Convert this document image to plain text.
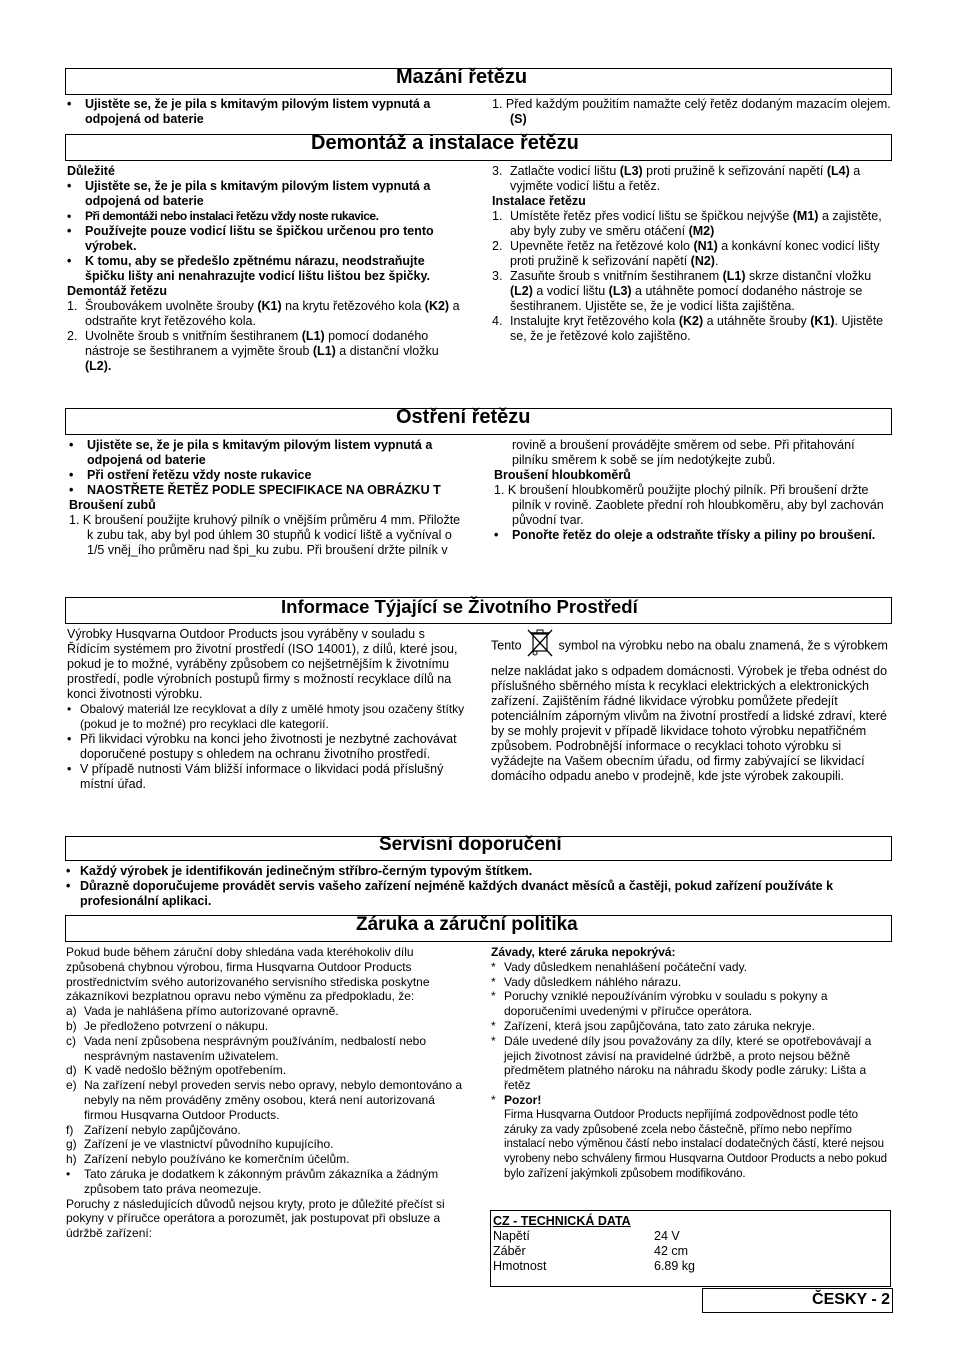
Mazání řetězu
• Ujistěte se, že je pila s kmitavým pilovým listem vypnutá a odpojená od baterie
1. Před každým použitím namažte celý řetěz dodaným mazacím olejem. (S)
Demontáž a instalace řetězu

Důležité

• Ujistěte se, že je pila s kmitavým pilovým listem vypnutá a odpojená od baterie
• Při demontáži nebo instalaci řetězu vždy noste rukavice.
• Používejte pouze vodicí lištu se špičkou určenou pro tento výrobek.
• K tomu, aby se předešlo zpětnému nárazu, neodstraňujte špičku lišty ani nenahrazujte vodicí lištu lištou bez špičky.

Demontáž řetězu

1. Šroubovákem uvolněte šrouby (K1) na krytu řetězového kola (K2) a odstraňte kryt řetězového kola.
2. Uvolněte šroub s vnitřním šestihranem (L1) pomocí dodaného nástroje se šestihranem a vyjměte šroub (L1) a distanční vložku (L2).
3. Zatlačte vodicí lištu (L3) proti pružině k seřizování napětí (L4) a vyjměte vodicí lištu a řetěz.

Instalace řetězu

1. Umístěte řetěz přes vodicí lištu se špičkou nejvýše (M1) a zajistěte, aby byly zuby ve směru otáčení (M2)
2. Upevněte řetěz na řetězové kolo (N1) a konkávní konec vodicí lišty proti pružině k seřizování napětí (N2).
3. Zasuňte šroub s vnitřním šestihranem (L1) skrze distanční vložku (L2) a vodicí lištu (L3) a utáhněte pomocí dodaného nástroje se šestihranem. Ujistěte se, že je vodicí lišta zajištěna.
4. Instalujte kryt řetězového kola (K2) a utáhněte šrouby (K1). Ujistěte se, že je řetězové kolo zajištěno.
Ostření řetězu
• Ujistěte se, že je pila s kmitavým pilovým listem vypnutá a odpojená od baterie
• Při ostření řetězu vždy noste rukavice
• NAOSTŘETE ŘETĚZ PODLE SPECIFIKACE NA OBRÁZKU T

Broušení zubů

1. K broušení použijte kruhový pilník o vnějším průměru 4 mm. Přiložte k zubu tak, aby byl pod úhlem 30 stupňů k vodicí liště a vyčníval o 1/5 vněj_ího průměru nad špi_ku zubu. Při broušení držte pilník v
rovině a broušení provádějte směrem od sebe. Při přitahování pilníku směrem k sobě se jím nedotýkejte zubů.

Broušení hloubkoměrů

1. K broušení hloubkoměrů použijte plochý pilník. Při broušení držte pilník v rovině. Zaoblete přední roh hloubkoměru, aby byl zachován původní tvar.
• Ponořte řetěz do oleje a odstraňte třísky a piliny po broušení.
Informace Týjající se Životního Prostředí

Výrobky Husqvarna Outdoor Products jsou vyráběny v souladu s Řídícím systémem pro životní prostředí (ISO 14001), z dílů, které jsou, pokud je to možné, vyráběny způsobem co nejšetrnějším k životnímu prostředí, podle výrobních postupů firmy s možností recyklace dílů na konci životnosti výrobku.

• Obalový materiál lze recyklovat a díly z umělé hmoty jsou ozačeny štítky (pokud je to možné) pro recyklaci dle kategorií.
• Při likvidaci výrobku na konci jeho životnosti je nezbytné zachovávat doporučené postupy s ohledem na ochranu životního prostředí.
• V případě nutnosti Vám bližší informace o likvidaci podá příslušný místní úřad.
Tento	symbol na výrobku nebo na obalu znamená, že s výrobkem nelze nakládat jako s odpadem domácnosti. Výrobek je třeba odnést do příslušného sběrného místa k recyklaci elektrických a elektronických zařízení. Zajištěním řádné likvidace výrobku pomůžete předejít potenciálním záporným vlivům na životní prostředí a lidské zdraví, které by se mohly projevit v případě likvidace tohoto výrobku nepatřičném způsobem. Podrobnější informace o recyklaci tohoto výrobku si vyžádejte na Vašem obecním úřadu, od firmy zabývající se likvidací domácího odpadu anebo v prodejně, kde jste výrobek zakoupili.
Servisní doporučení
• Každý výrobek je identifikován jedinečným stříbro-černým typovým štítkem.
• Důrazně doporučujeme provádět servis vašeho zařízení nejméně každých dvanáct měsíců a častěji, pokud zařízení používáte k profesionální aplikaci.
Záruka a záruční politika

Pokud bude během záruční doby shledána vada kteréhokoliv dílu způsobená chybnou výrobou, firma Husqvarna Outdoor Products prostřednictvím svého autorizovaného servisního střediska poskytne zákazníkovi bezplatnou opravu nebo výměnu za předpokladu, že:

a) Vada je nahlášena přímo autorizované opravně.
b) Je předloženo potvrzení o nákupu.
c) Vada není způsobena nesprávným používáním, nedbalostí nebo nesprávným nastavením uživatelem.
d) K vadě nedošlo běžným opotřebením.
e) Na zařízení nebyl proveden servis nebo opravy, nebylo demontováno a nebyly na něm prováděny změny osobou, která není autorizovaná firmou Husqvarna Outdoor Products.
f) Zařízení nebylo zapůjčováno.
g) Zařízení je ve vlastnictví původního kupujícího.
h) Zařízení nebylo používáno ke komerčním účelům.
• Tato záruka je dodatkem k zákonným právům zákazníka a žádným způsobem tato práva neomezuje.

Poruchy z následujících důvodů nejsou kryty, proto je důležité přečíst si pokyny v příručce operátora a porozumět, jak postupovat při obsluze a údržbě zařízení:

Závady, které záruka nepokrývá:

* Vady důsledkem nenahlášení počáteční vady.
* Vady důsledkem náhlého nárazu.
* Poruchy vzniklé nepoužíváním výrobku v souladu s pokyny a doporučeními uvedenými v příručce operátora.
* Zařízení, která jsou zapůjčována, tato zato záruka nekryje.
* Dále uvedené díly jsou považovány za díly, které se opotřebovávají a jejich životnost závisí na pravidelné údržbě, a proto nejsou běžně předmětem platného nároku na náhradu škody podle záruky: Lišta a řetěz
* Pozor!
Firma Husqvarna Outdoor Products nepřijímá zodpovědnost podle této záruky za vady způsobené zcela nebo částečně, přímo nebo nepřímo instalací nebo výměnou částí nebo instalací dodatečných částí, které nejsou vyrobeny nebo schváleny firmou Husqvarna Outdoor Products a nebo pokud bylo zařízení jakýmkoli způsobem modifikováno.
CZ - TECHNICKÁ DATA
Napětí	24 V
Záběr	42 cm
Hmotnost	6.89 kg
ČESKY - 2
